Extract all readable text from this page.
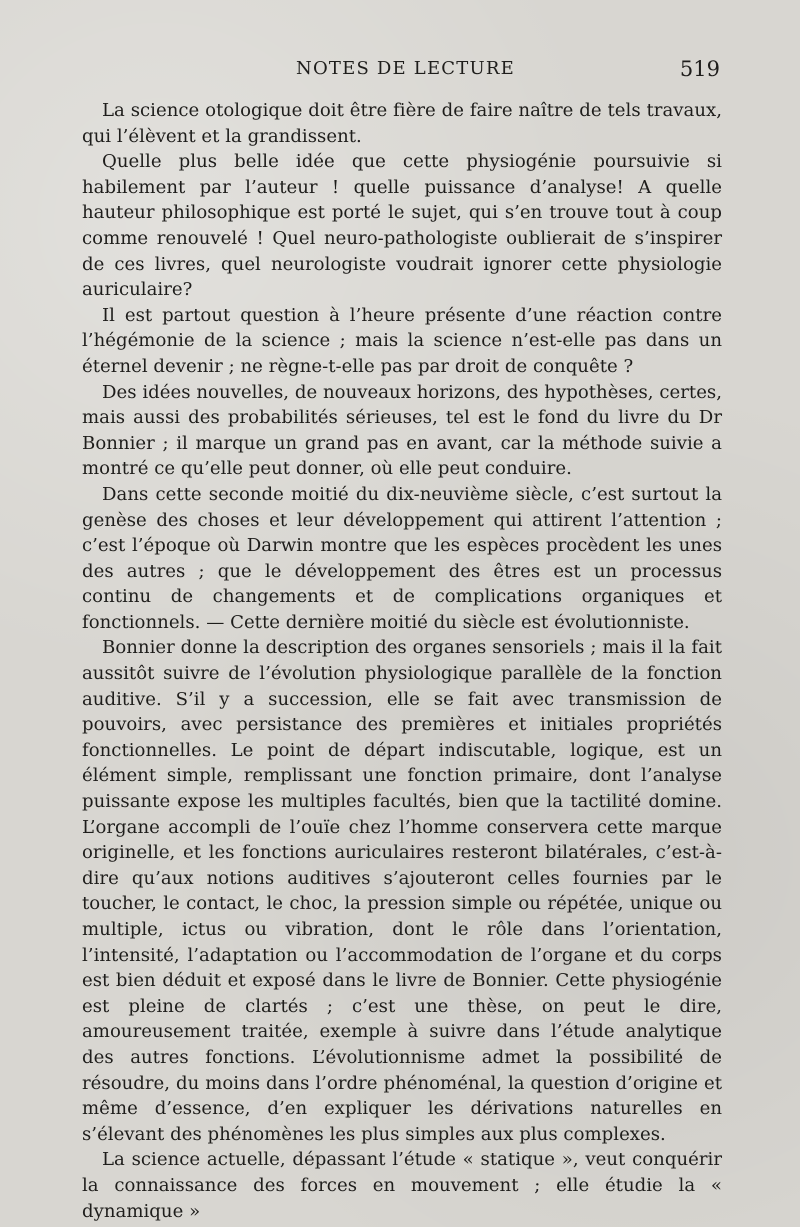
NOTES DE LECTURE	519

La science otologique doit être fière de faire naître de tels travaux, qui l’élèvent et la grandissent.

Quelle plus belle idée que cette physiogénie poursuivie si habilement par l’auteur ! quelle puissance d’analyse! A quelle hauteur philosophique est porté le sujet, qui s’en trouve tout à coup comme renouvelé ! Quel neuro-pathologiste oublierait de s’inspirer de ces livres, quel neurologiste voudrait ignorer cette physiologie auriculaire?

Il est partout question à l’heure présente d’une réaction contre l’hégémonie de la science ; mais la science n’est-elle pas dans un éternel devenir ; ne règne-t-elle pas par droit de conquête ?

Des idées nouvelles, de nouveaux horizons, des hypothèses, certes, mais aussi des probabilités sérieuses, tel est le fond du livre du Dr Bonnier ; il marque un grand pas en avant, car la méthode suivie a montré ce qu’elle peut donner, où elle peut conduire.

Dans cette seconde moitié du dix-neuvième siècle, c’est surtout la genèse des choses et leur développement qui attirent l’attention ; c’est l’époque où Darwin montre que les espèces procèdent les unes des autres ; que le développement des êtres est un processus continu de changements et de complications organiques et fonctionnels. — Cette dernière moitié du siècle est évolutionniste.

Bonnier donne la description des organes sensoriels ; mais il la fait aussitôt suivre de l’évolution physiologique parallèle de la fonction auditive. S’il y a succession, elle se fait avec transmission de pouvoirs, avec persistance des premières et initiales propriétés fonctionnelles. Le point de départ indiscutable, logique, est un élément simple, remplissant une fonction primaire, dont l’analyse puissante expose les multiples facultés, bien que la tactilité domine. L’organe accompli de l’ouïe chez l’homme conservera cette marque originelle, et les fonctions auriculaires resteront bilatérales, c’est-à-dire qu’aux notions auditives s’ajouteront celles fournies par le toucher, le contact, le choc, la pression simple ou répétée, unique ou multiple, ictus ou vibration, dont le rôle dans l’orientation, l’intensité, l’adaptation ou l’accommodation de l’organe et du corps est bien déduit et exposé dans le livre de Bonnier. Cette physiogénie est pleine de clartés ; c’est une thèse, on peut le dire, amoureusement traitée, exemple à suivre dans l’étude analytique des autres fonctions. L’évolutionnisme admet la possibilité de résoudre, du moins dans l’ordre phénoménal, la question d’origine et même d’essence, d’en expliquer les dérivations naturelles en s’élevant des phénomènes les plus simples aux plus complexes.

La science actuelle, dépassant l’étude « statique », veut conquérir la connaissance des forces en mouvement ; elle étudie la « dynamique »
